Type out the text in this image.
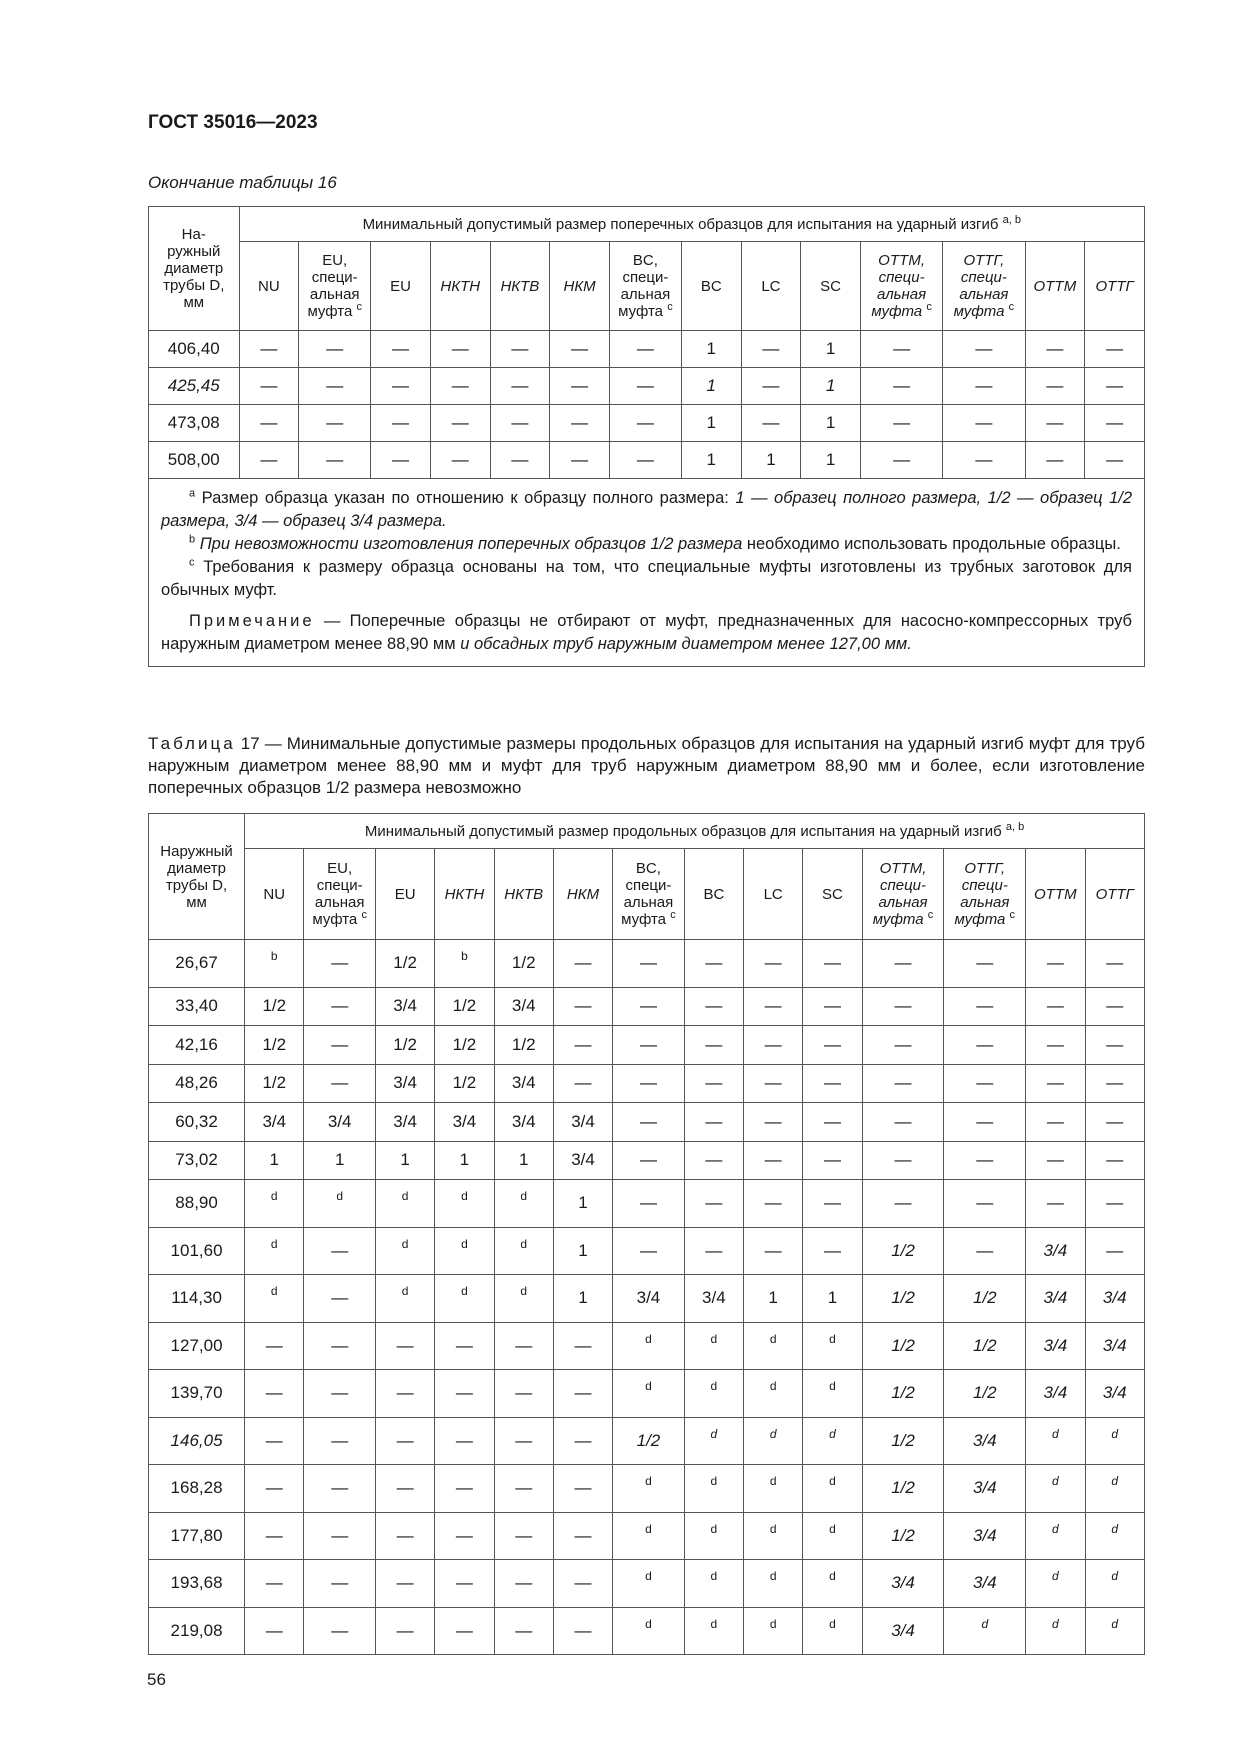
ГОСТ 35016—2023
Окончание таблицы 16
На-
ружный
диаметр
трубы D,
мм	Минимальный допустимый размер поперечных образцов для испытания на ударный изгиб $^{a, b}$
	NU	EU,
специ-
альная
муфта $^c$	EU	НКТН	НКТВ	НКМ	BC,
специ-
альная
муфта $^c$	BC	LC	SC	ОТТМ,
специ-
альная
муфта $^c$	ОТТГ,
специ-
альная
муфта $^c$	ОТТМ	ОТТГ
406,40	—	—	—	—	—	—	—	1	—	1	—	—	—	—
425,45	—	—	—	—	—	—	—	1	—	1	—	—	—	—
473,08	—	—	—	—	—	—	—	1	—	1	—	—	—	—
508,00	—	—	—	—	—	—	—	1	1	1	—	—	—	—

$^a$ Размер образца указан по отношению к образцу полного размера: 1 — образец полного размера, 1/2 — образец 1/2 размера, 3/4 — образец 3/4 размера.
$^b$ При невозможности изготовления поперечных образцов 1/2 размера необходимо использовать продольные образцы.
$^c$ Требования к размеру образца основаны на том, что специальные муфты изготовлены из трубных заготовок для обычных муфт.
Примечание — Поперечные образцы не отбирают от муфт, предназначенных для насосно-компрессорных труб наружным диаметром менее 88,90 мм и обсадных труб наружным диаметром менее 127,00 мм.														
Таблица 17 — Минимальные допустимые размеры продольных образцов для испытания на ударный изгиб муфт для труб наружным диаметром менее 88,90 мм и муфт для труб наружным диаметром 88,90 мм и более, если изготовление поперечных образцов 1/2 размера невозможно
Наружный
диаметр
трубы D,
мм	Минимальный допустимый размер продольных образцов для испытания на ударный изгиб $^{a, b}$
	NU	EU,
специ-
альная
муфта $^c$	EU	НКТН	НКТВ	НКМ	BC,
специ-
альная
муфта $^c$	BC	LC	SC	ОТТМ,
специ-
альная
муфта $^c$	ОТТГ,
специ-
альная
муфта $^c$	ОТТМ	ОТТГ
26,67	b	—	1/2	b	1/2	—	—	—	—	—	—	—	—	—
33,40	1/2	—	3/4	1/2	3/4	—	—	—	—	—	—	—	—	—
42,16	1/2	—	1/2	1/2	1/2	—	—	—	—	—	—	—	—	—
48,26	1/2	—	3/4	1/2	3/4	—	—	—	—	—	—	—	—	—
60,32	3/4	3/4	3/4	3/4	3/4	3/4	—	—	—	—	—	—	—	—
73,02	1	1	1	1	1	3/4	—	—	—	—	—	—	—	—
88,90	d	d	d	d	d	1	—	—	—	—	—	—	—	—
101,60	d	—	d	d	d	1	—	—	—	—	1/2	—	3/4	—
114,30	d	—	d	d	d	1	3/4	3/4	1	1	1/2	1/2	3/4	3/4
127,00	—	—	—	—	—	—	d	d	d	d	1/2	1/2	3/4	3/4
139,70	—	—	—	—	—	—	d	d	d	d	1/2	1/2	3/4	3/4
146,05	—	—	—	—	—	—	1/2	d	d	d	1/2	3/4	d	d
168,28	—	—	—	—	—	—	d	d	d	d	1/2	3/4	d	d
177,80	—	—	—	—	—	—	d	d	d	d	1/2	3/4	d	d
193,68	—	—	—	—	—	—	d	d	d	d	3/4	3/4	d	d
219,08	—	—	—	—	—	—	d	d	d	d	3/4	d	d	d
56
